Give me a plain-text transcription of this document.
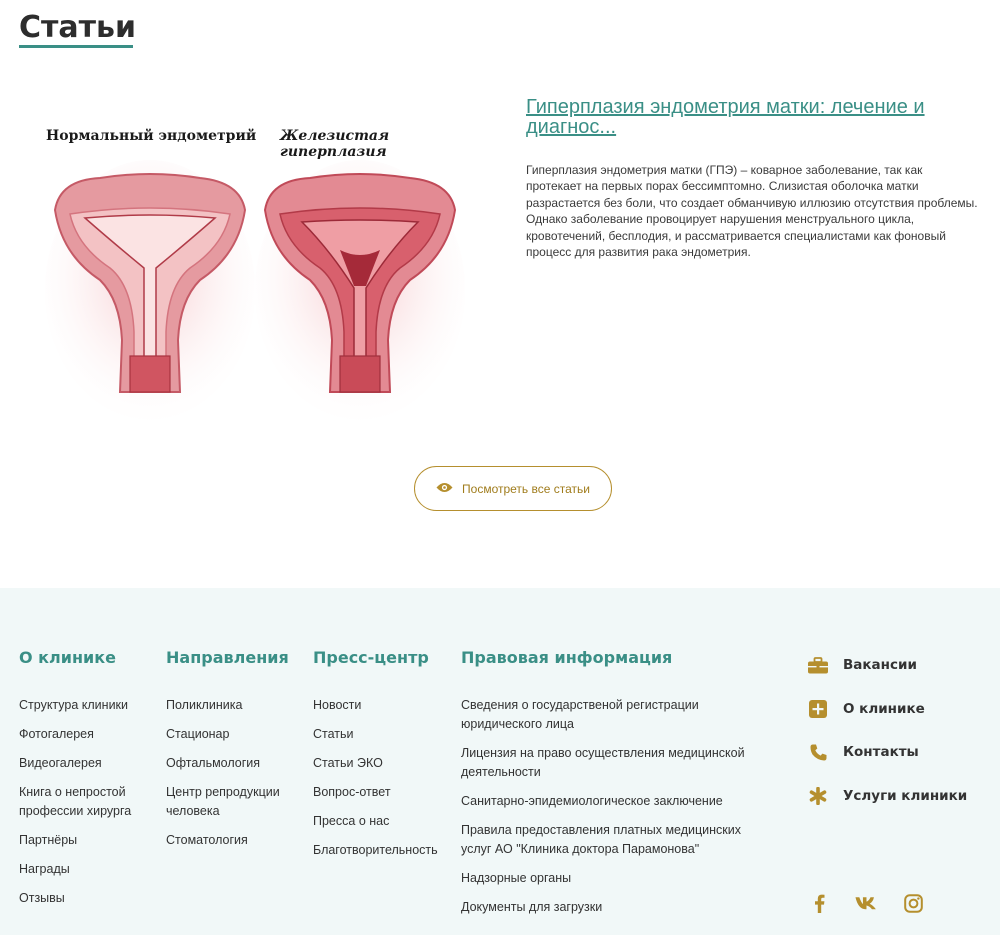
Статьи
Нормальный эндометрий Железистая гиперплазия
Гиперплазия эндометрия матки: лечение и диагнос...
Гиперплазия эндометрия матки (ГПЭ) – коварное заболевание, так как
протекает на первых порах бессимптомно. Слизистая оболочка матки
разрастается без боли, что создает обманчивую иллюзию отсутствия проблемы.
Однако заболевание провоцирует нарушения менструального цикла,
кровотечений, бесплодия, и рассматривается специалистами как фоновый
процесс для развития рака эндометрия.
Посмотреть все статьи
О клинике
Структура клиники
Фотогалерея
Видеогалерея
Книга о непростой профессии хирурга
Партнёры
Награды
Отзывы
Направления
Поликлиника
Стационар
Офтальмология
Центр репродукции человека
Стоматология
Пресс-центр
Новости
Статьи
Статьи ЭКО
Вопрос-ответ
Пресса о нас
Благотворительность
Правовая информация
Сведения о государственой регистрации юридического лица
Лицензия на право осуществления медицинской деятельности
Санитарно-эпидемиологическое заключение
Правила предоставления платных медицинских услуг АО "Клиника доктора Парамонова"
Надзорные органы
Документы для загрузки
Вакансии
О клинике
Контакты
Услуги клиники
